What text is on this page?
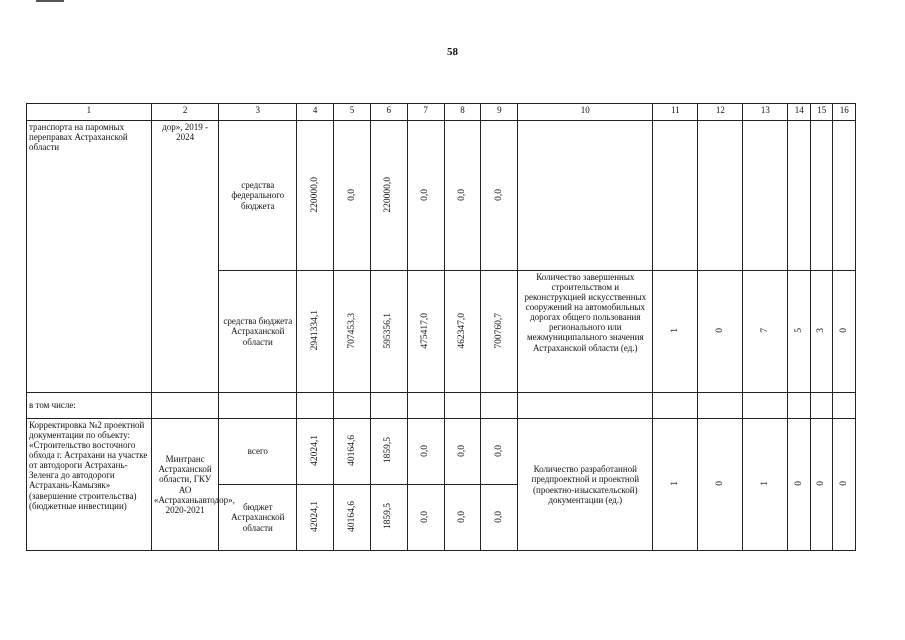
58
1	2	3	4	5	6	7	8	9	10	11	12	13	14	15	16
транспорта на паромных переправах Астраханской области	дор», 2019 - 2024	средства федерального бюджета	220000,0	0,0	220000,0	0,0	0,0	0,0							
		средства бюджета Астраханской области	2941334,1	707453,3	595356,1	475417,0	462347,0	700760,7	Количество завершенных строительством и реконструкцией искусственных сооружений на автомобильных дорогах общего пользования регионального или межмуниципального значения Астраханской области (ед.)	1	0	7	5	3	0
в том числе:															
Корректировка №2 проектной документации по объекту: «Строительство восточного обхода г. Астрахани на участке от автодороги Астрахань-Зеленга до автодороги Астрахань-Камызяк» (завершение строительства) (бюджетные инвестиции)	Минтранс Астраханской области, ГКУ АО «Астраханьавтодор», 2020-2021	всего	42024,1	40164,6	1859,5	0,0	0,0	0,0	Количество разработанной предпроектной и проектной (проектно-изыскательской) документации (ед.)	1	0	1	0	0	0
		бюджет Астраханской области	42024,1	40164,6	1859,5	0,0	0,0	0,0							
